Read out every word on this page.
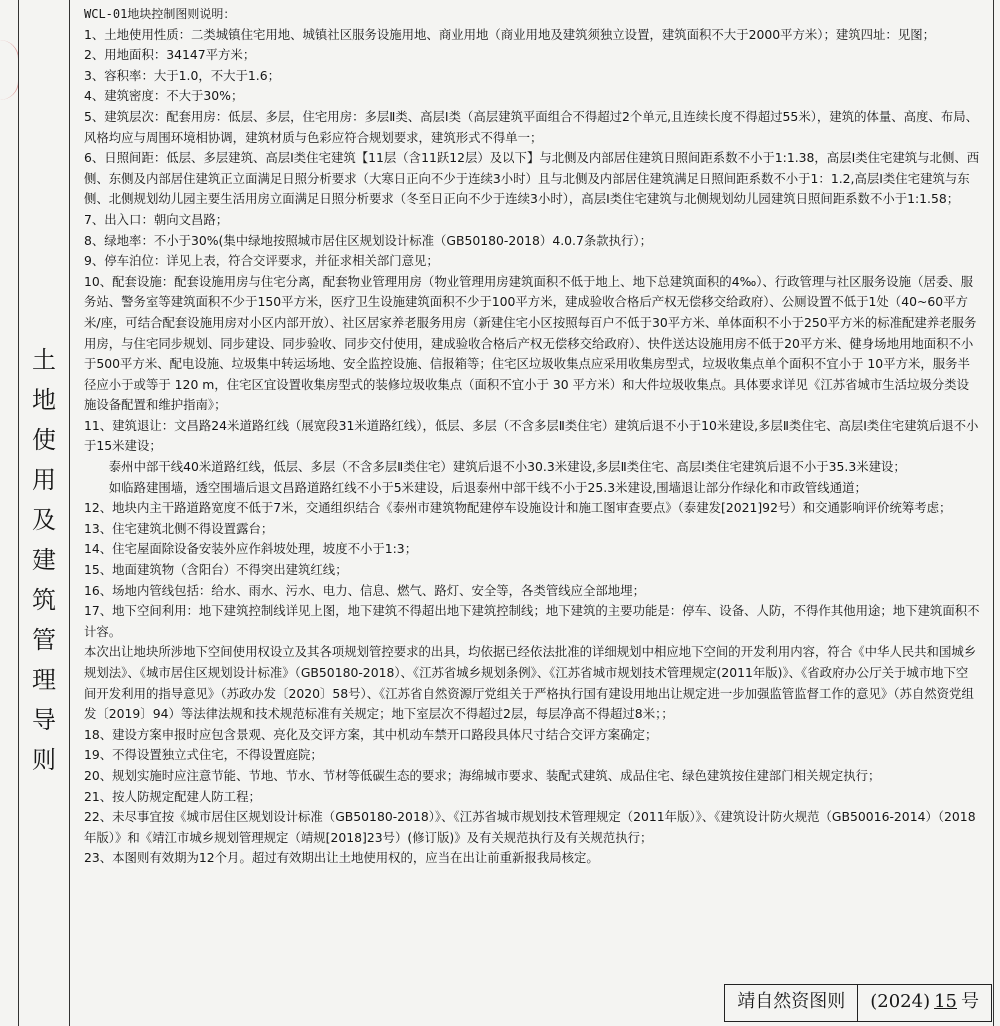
土
地
使
用
及
建
筑
管
理
导
则

WCL-01地块控制图则说明：

1、土地使用性质：二类城镇住宅用地、城镇社区服务设施用地、商业用地（商业用地及建筑须独立设置，建筑面积不大于2000平方米）；建筑四址：见图；

2、用地面积：34147平方米；

3、容积率：大于1.0，不大于1.6；

4、建筑密度：不大于30%；

5、建筑层次：配套用房：低层、多层，住宅用房：多层Ⅱ类、高层I类（高层建筑平面组合不得超过2个单元,且连续长度不得超过55米），建筑的体量、高度、布局、风格均应与周围环境相协调，建筑材质与色彩应符合规划要求，建筑形式不得单一；

6、日照间距：低层、多层建筑、高层I类住宅建筑【11层（含11跃12层）及以下】与北侧及内部居住建筑日照间距系数不小于1:1.38，高层I类住宅建筑与北侧、西侧、东侧及内部居住建筑正立面满足日照分析要求（大寒日正向不少于连续3小时）且与北侧及内部居住建筑满足日照间距系数不小于1：1.2,高层I类住宅建筑与东侧、北侧规划幼儿园主要生活用房立面满足日照分析要求（冬至日正向不少于连续3小时），高层I类住宅建筑与北侧规划幼儿园建筑日照间距系数不小于1:1.58；

7、出入口：朝向文昌路；

8、绿地率：不小于30%(集中绿地按照城市居住区规划设计标准（GB50180-2018）4.0.7条款执行）；

9、停车泊位：详见上表，符合交评要求，并征求相关部门意见；

10、配套设施：配套设施用房与住宅分离，配套物业管理用房（物业管理用房建筑面积不低于地上、地下总建筑面积的4‰）、行政管理与社区服务设施（居委、服务站、警务室等建筑面积不少于150平方米，医疗卫生设施建筑面积不少于100平方米，建成验收合格后产权无偿移交给政府）、公厕设置不低于1处（40~60平方米/座，可结合配套设施用房对小区内部开放）、社区居家养老服务用房（新建住宅小区按照每百户不低于30平方米、单体面积不小于250平方米的标准配建养老服务用房，与住宅同步规划、同步建设、同步验收、同步交付使用，建成验收合格后产权无偿移交给政府）、快件送达设施用房不低于20平方米、健身场地用地面积不小于500平方米、配电设施、垃圾集中转运场地、安全监控设施、信报箱等；住宅区垃圾收集点应采用收集房型式，垃圾收集点单个面积不宜小于 10平方米，服务半径应小于或等于 120 m，住宅区宜设置收集房型式的装修垃圾收集点（面积不宜小于 30 平方米）和大件垃圾收集点。具体要求详见《江苏省城市生活垃圾分类设施设备配置和维护指南》；

11、建筑退让：文昌路24米道路红线（展宽段31米道路红线），低层、多层（不含多层Ⅱ类住宅）建筑后退不小于10米建设,多层Ⅱ类住宅、高层I类住宅建筑后退不小于15米建设；

泰州中部干线40米道路红线，低层、多层（不含多层Ⅱ类住宅）建筑后退不小30.3米建设,多层Ⅱ类住宅、高层I类住宅建筑后退不小于35.3米建设；

如临路建围墙，透空围墙后退文昌路道路红线不小于5米建设，后退泰州中部干线不小于25.3米建设,围墙退让部分作绿化和市政管线通道；

12、地块内主干路道路宽度不低于7米，交通组织结合《泰州市建筑物配建停车设施设计和施工图审查要点》（泰建发[2021]92号）和交通影响评价统筹考虑；

13、住宅建筑北侧不得设置露台；

14、住宅屋面除设备安装外应作斜坡处理，坡度不小于1:3；

15、地面建筑物（含阳台）不得突出建筑红线；

16、场地内管线包括：给水、雨水、污水、电力、信息、燃气、路灯、安全等，各类管线应全部地埋；

17、地下空间利用：地下建筑控制线详见上图，地下建筑不得超出地下建筑控制线；地下建筑的主要功能是：停车、设备、人防，不得作其他用途；地下建筑面积不计容。

本次出让地块所涉地下空间使用权设立及其各项规划管控要求的出具，均依据已经依法批准的详细规划中相应地下空间的开发利用内容，符合《中华人民共和国城乡规划法》、《城市居住区规划设计标准》（GB50180-2018）、《江苏省城乡规划条例》、《江苏省城市规划技术管理规定(2011年版)》、《省政府办公厅关于城市地下空间开发利用的指导意见》（苏政办发〔2020〕58号）、《江苏省自然资源厅党组关于严格执行国有建设用地出让规定进一步加强监管监督工作的意见》（苏自然资党组发〔2019〕94）等法律法规和技术规范标准有关规定；地下室层次不得超过2层，每层净高不得超过8米；；

18、建设方案申报时应包含景观、亮化及交评方案，其中机动车禁开口路段具体尺寸结合交评方案确定；

19、不得设置独立式住宅，不得设置庭院；

20、规划实施时应注意节能、节地、节水、节材等低碳生态的要求；海绵城市要求、装配式建筑、成品住宅、绿色建筑按住建部门相关规定执行；

21、按人防规定配建人防工程；

22、未尽事宜按《城市居住区规划设计标准（GB50180-2018）》、《江苏省城市规划技术管理规定（2011年版）》、《建筑设计防火规范（GB50016-2014）（2018年版）》和《靖江市城乡规划管理规定（靖规[2018]23号）(修订版)》及有关规范执行及有关规范执行；

23、本图则有效期为12个月。超过有效期出让土地使用权的，应当在出让前重新报我局核定。

靖自然资图则	(2024) 15 号
